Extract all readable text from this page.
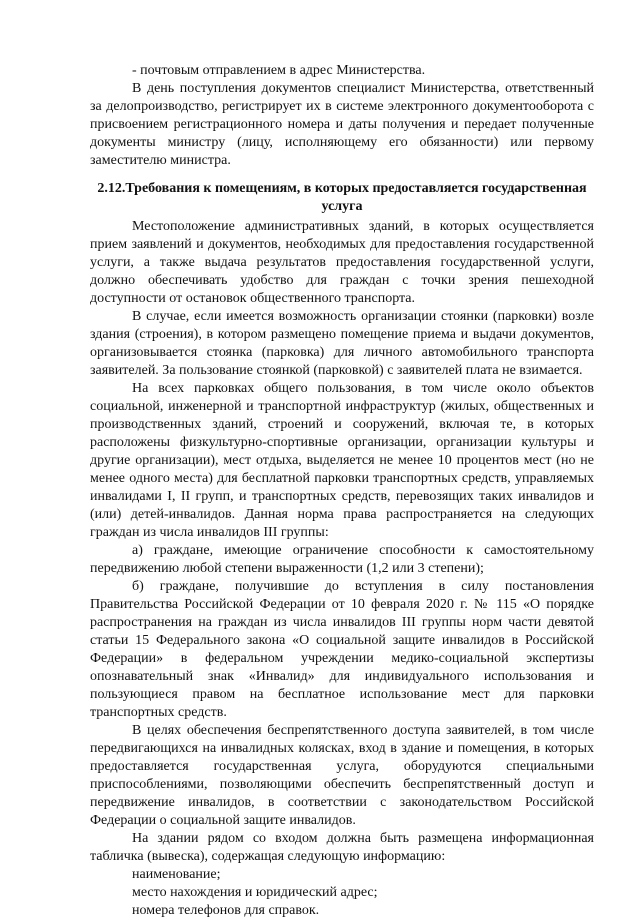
- почтовым отправлением в адрес Министерства.

В день поступления документов специалист Министерства, ответственный за делопроизводство, регистрирует их в системе электронного документооборота с присвоением регистрационного номера и даты получения и передает полученные документы министру (лицу, исполняющему его обязанности) или первому заместителю министра.

2.12.Требования к помещениям, в которых предоставляется государственная услуга

Местоположение административных зданий, в которых осуществляется прием заявлений и документов, необходимых для предоставления государственной услуги, а также выдача результатов предоставления государственной услуги, должно обеспечивать удобство для граждан с точки зрения пешеходной доступности от остановок общественного транспорта.

В случае, если имеется возможность организации стоянки (парковки) возле здания (строения), в котором размещено помещение приема и выдачи документов, организовывается стоянка (парковка) для личного автомобильного транспорта заявителей. За пользование стоянкой (парковкой) с заявителей плата не взимается.

На всех парковках общего пользования, в том числе около объектов социальной, инженерной и транспортной инфраструктур (жилых, общественных и производственных зданий, строений и сооружений, включая те, в которых расположены физкультурно-спортивные организации, организации культуры и другие организации), мест отдыха, выделяется не менее 10 процентов мест (но не менее одного места) для бесплатной парковки транспортных средств, управляемых инвалидами I, II групп, и транспортных средств, перевозящих таких инвалидов и (или) детей-инвалидов. Данная норма права распространяется на следующих граждан из числа инвалидов III группы:

а) граждане, имеющие ограничение способности к самостоятельному передвижению любой степени выраженности (1,2 или 3 степени);

б) граждане, получившие до вступления в силу постановления Правительства Российской Федерации от 10 февраля 2020 г. № 115 «О порядке распространения на граждан из числа инвалидов III группы норм части девятой статьи 15 Федерального закона «О социальной защите инвалидов в Российской Федерации» в федеральном учреждении медико-социальной экспертизы опознавательный знак «Инвалид» для индивидуального использования и пользующиеся правом на бесплатное использование мест для парковки транспортных средств.

В целях обеспечения беспрепятственного доступа заявителей, в том числе передвигающихся на инвалидных колясках, вход в здание и помещения, в которых предоставляется государственная услуга, оборудуются специальными приспособлениями, позволяющими обеспечить беспрепятственный доступ и передвижение инвалидов, в соответствии с законодательством Российской Федерации о социальной защите инвалидов.

На здании рядом со входом должна быть размещена информационная табличка (вывеска), содержащая следующую информацию:

наименование;

место нахождения и юридический адрес;

номера телефонов для справок.
